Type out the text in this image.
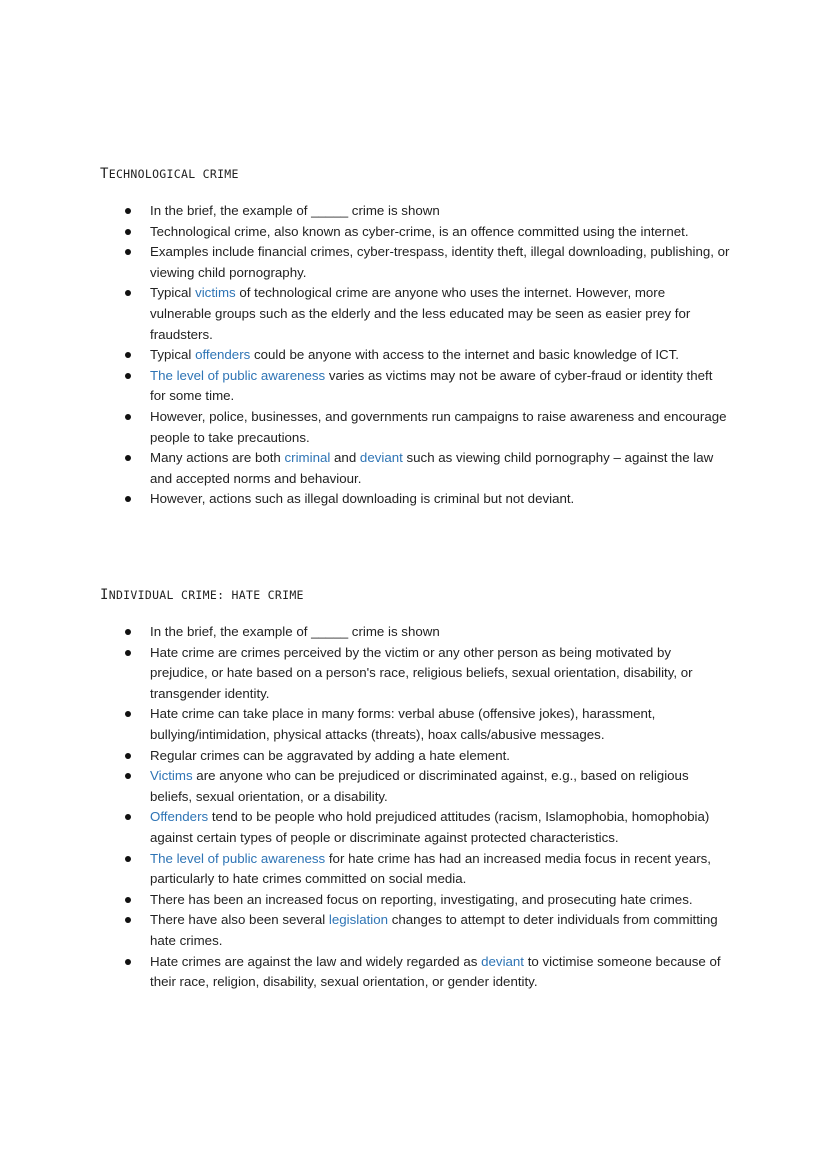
TECHNOLOGICAL CRIME
In the brief, the example of _____ crime is shown
Technological crime, also known as cyber-crime, is an offence committed using the internet.
Examples include financial crimes, cyber-trespass, identity theft, illegal downloading, publishing, or viewing child pornography.
Typical victims of technological crime are anyone who uses the internet. However, more vulnerable groups such as the elderly and the less educated may be seen as easier prey for fraudsters.
Typical offenders could be anyone with access to the internet and basic knowledge of ICT.
The level of public awareness varies as victims may not be aware of cyber-fraud or identity theft for some time.
However, police, businesses, and governments run campaigns to raise awareness and encourage people to take precautions.
Many actions are both criminal and deviant such as viewing child pornography – against the law and accepted norms and behaviour.
However, actions such as illegal downloading is criminal but not deviant.
INDIVIDUAL CRIME: HATE CRIME
In the brief, the example of _____ crime is shown
Hate crime are crimes perceived by the victim or any other person as being motivated by prejudice, or hate based on a person's race, religious beliefs, sexual orientation, disability, or transgender identity.
Hate crime can take place in many forms: verbal abuse (offensive jokes), harassment, bullying/intimidation, physical attacks (threats), hoax calls/abusive messages.
Regular crimes can be aggravated by adding a hate element.
Victims are anyone who can be prejudiced or discriminated against, e.g., based on religious beliefs, sexual orientation, or a disability.
Offenders tend to be people who hold prejudiced attitudes (racism, Islamophobia, homophobia) against certain types of people or discriminate against protected characteristics.
The level of public awareness for hate crime has had an increased media focus in recent years, particularly to hate crimes committed on social media.
There has been an increased focus on reporting, investigating, and prosecuting hate crimes.
There have also been several legislation changes to attempt to deter individuals from committing hate crimes.
Hate crimes are against the law and widely regarded as deviant to victimise someone because of their race, religion, disability, sexual orientation, or gender identity.
